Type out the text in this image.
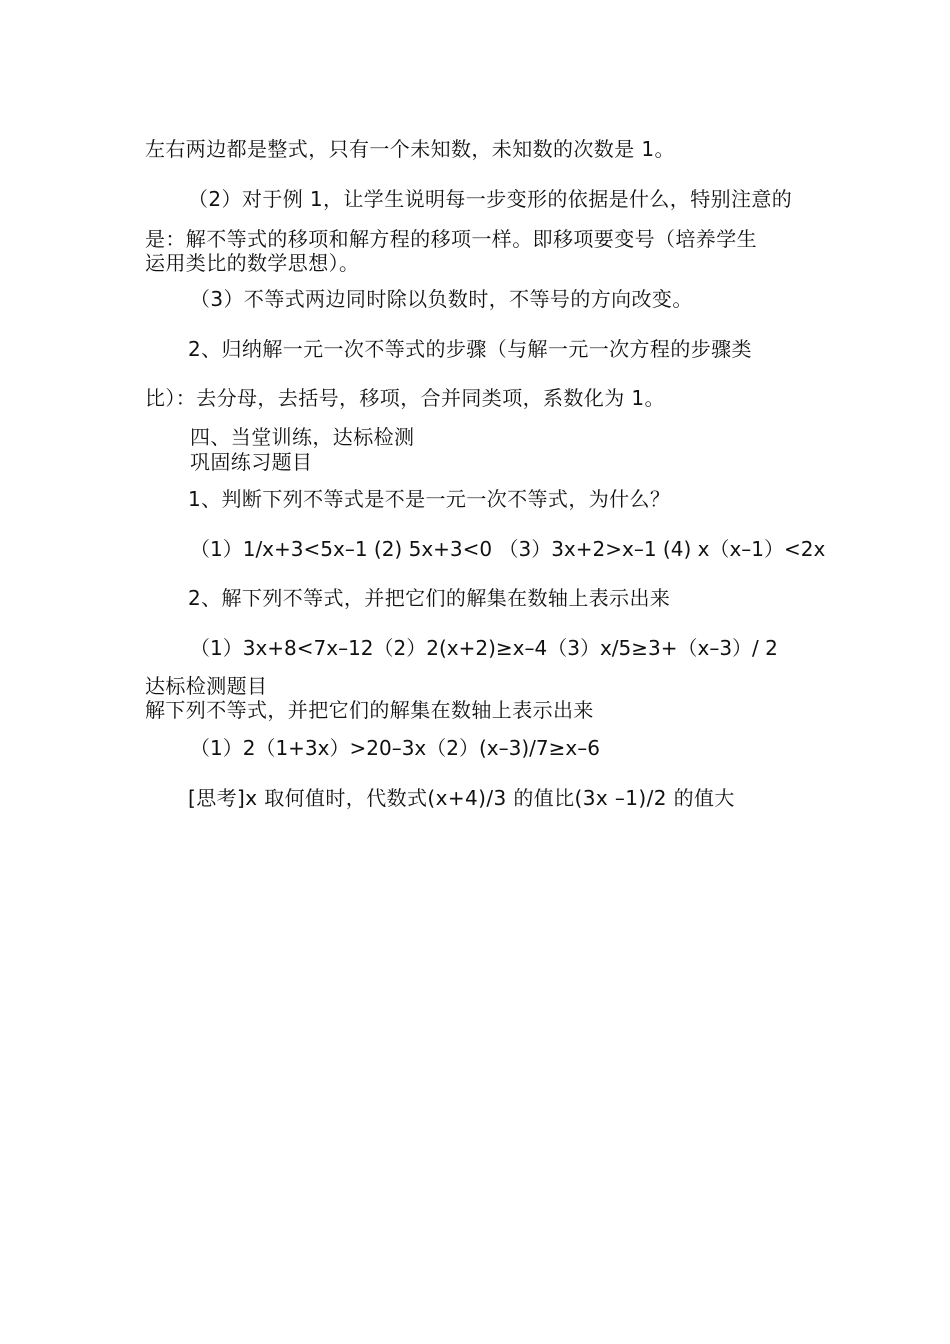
左右两边都是整式，只有一个未知数，未知数的次数是 1。
（2）对于例 1，让学生说明每一步变形的依据是什么，特别注意的
是：解不等式的移项和解方程的移项一样。即移项要变号（培养学生
运用类比的数学思想）。
（3）不等式两边同时除以负数时，不等号的方向改变。
2、归纳解一元一次不等式的步骤（与解一元一次方程的步骤类
比）：去分母，去括号，移项，合并同类项，系数化为 1。
四、当堂训练，达标检测
巩固练习题目
1、判断下列不等式是不是一元一次不等式，为什么？
（1）1/x+3<5x–1 (2) 5x+3<0 （3）3x+2>x–1 (4) x（x–1）<2x
2、解下列不等式，并把它们的解集在数轴上表示出来
（1）3x+8<7x–12（2）2(x+2)≥x–4（3）x/5≥3+（x–3）/ 2
达标检测题目
解下列不等式，并把它们的解集在数轴上表示出来
（1）2（1+3x）>20–3x（2）(x–3)/7≥x–6
[思考]x 取何值时，代数式(x+4)/3 的值比(3x –1)/2 的值大
